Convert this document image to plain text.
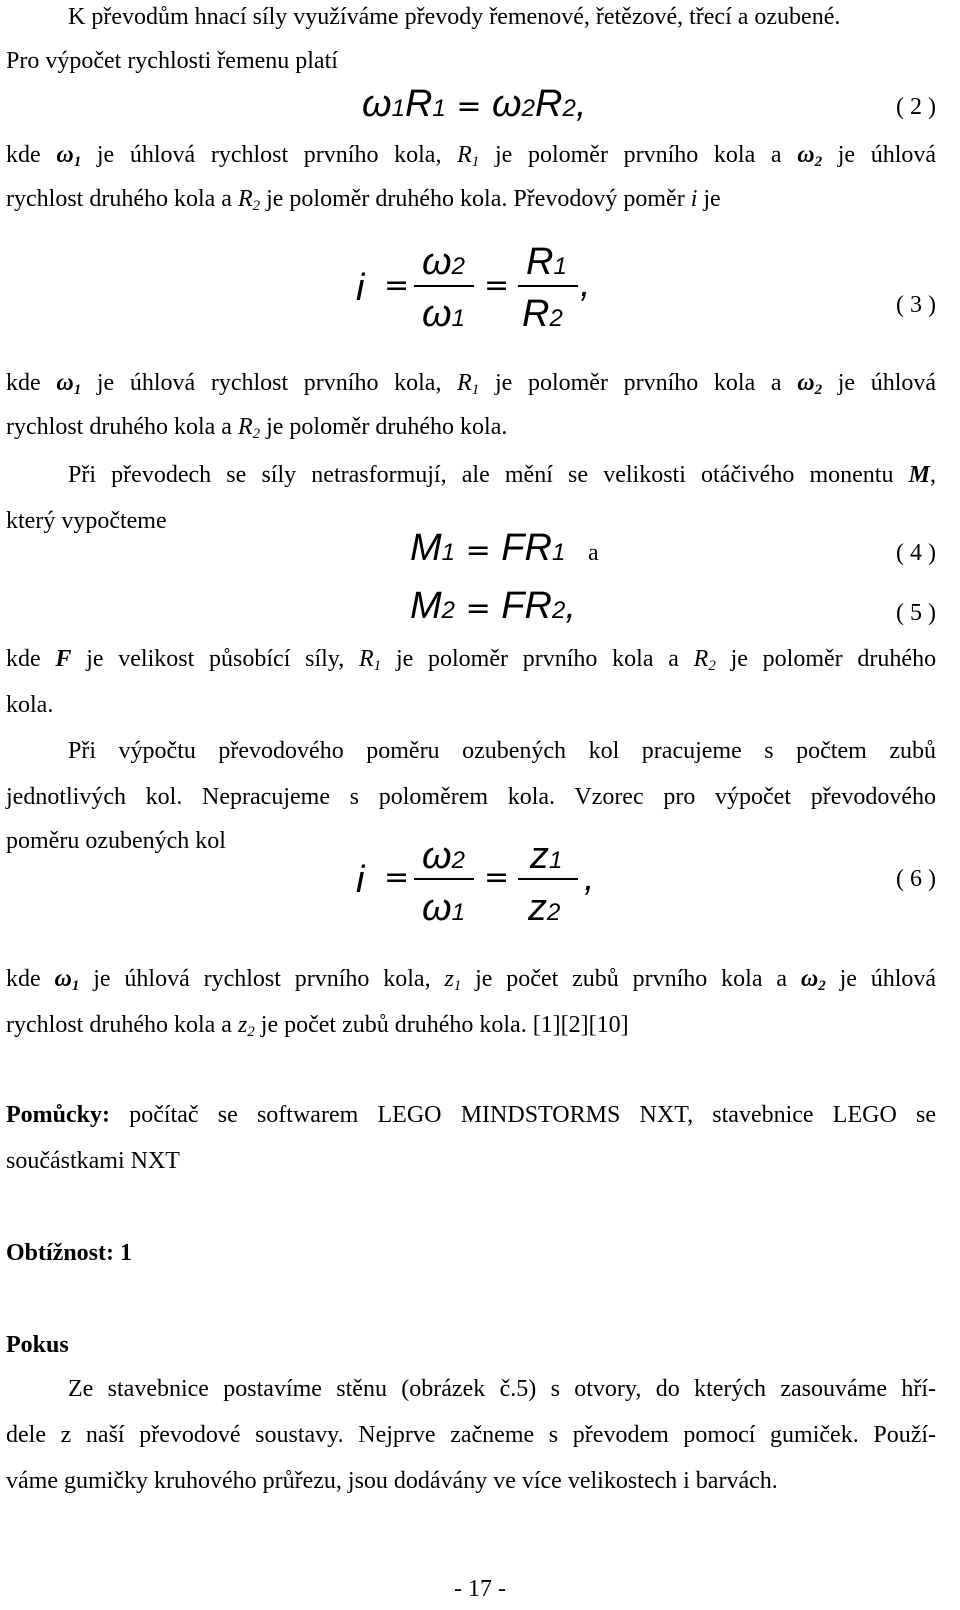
K převodům hnací síly využíváme převody řemenové, řetězové, třecí a ozubené.
Pro výpočet rychlosti řemenu platí
ω1R1 = ω2R2,	( 2 )
kde $\omega_1$ je úhlová rychlost prvního kola, $R_1$ je poloměr prvního kola a $\omega_2$ je úhlová
rychlost druhého kola a $R_2$ je poloměr druhého kola. Převodový poměr i je
i =
ω2
ω1
=
R1
R2
,	( 3 )
kde $\omega_1$ je úhlová rychlost prvního kola, $R_1$ je poloměr prvního kola a $\omega_2$ je úhlová
rychlost druhého kola a $R_2$ je poloměr druhého kola.
Při převodech se síly netrasformují, ale mění se velikosti otáčivého monentu M,
který vypočteme
M1 = FR1 a	( 4 )
M2 = FR2,	( 5 )
kde F je velikost působící síly, $R_1$ je poloměr prvního kola a $R_2$ je poloměr druhého
kola.
Při výpočtu převodového poměru ozubených kol pracujeme s počtem zubů
jednotlivých kol. Nepracujeme s poloměrem kola. Vzorec pro výpočet převodového
poměru ozubených kol
i =
ω2
ω1
=
z1
z2
,	( 6 )
kde $\omega_1$ je úhlová rychlost prvního kola, $z_1$ je počet zubů prvního kola a $\omega_2$ je úhlová
rychlost druhého kola a $z_2$ je počet zubů druhého kola. [1][2][10]
Pomůcky: počítač se softwarem LEGO MINDSTORMS NXT, stavebnice LEGO se
součástkami NXT
Obtížnost: 1
Pokus
Ze stavebnice postavíme stěnu (obrázek č.5) s otvory, do kterých zasouváme hří-
dele z naší převodové soustavy. Nejprve začneme s převodem pomocí gumiček. Použí-
váme gumičky kruhového průřezu, jsou dodávány ve více velikostech i barvách.
- 17 -
